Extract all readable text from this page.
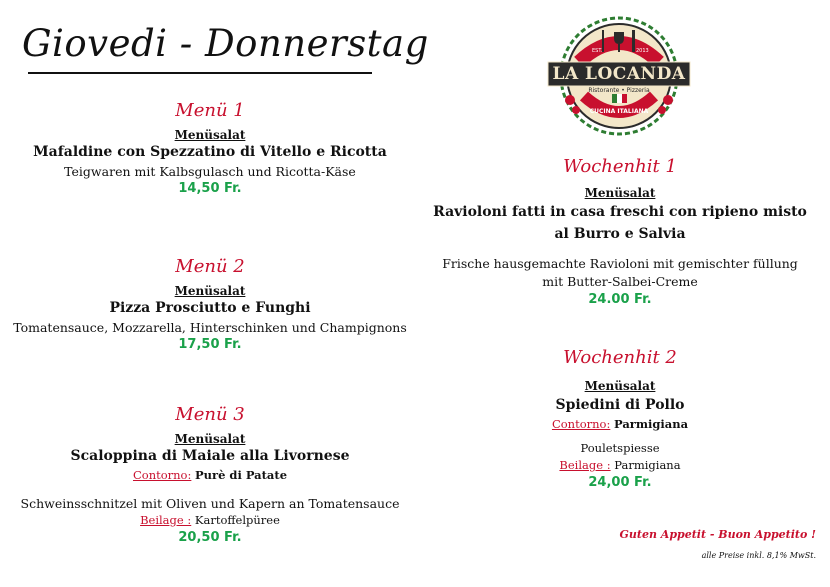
Giovedi - Donnerstag	EST.	2013
LA LOCANDA
Ristorante • Pizzeria
CUCINA ITALIANA
Menü 1
Menüsalat
Mafaldine con Spezzatino di Vitello e Ricotta
Teigwaren mit Kalbsgulasch und Ricotta-Käse
14,50 Fr.
Menü 2
Menüsalat
Pizza Prosciutto e Funghi
Tomatensauce, Mozzarella, Hinterschinken und Champignons
17,50 Fr.
Menü 3
Menüsalat
Scaloppina di Maiale alla Livornese
Contorno: Purè di Patate
Schweinsschnitzel mit Oliven und Kapern an Tomatensauce
Beilage : Kartoffelpüree
20,50 Fr.
Wochenhit 1
Menüsalat
Ravioloni fatti in casa freschi con ripieno misto
al Burro e Salvia
Frische hausgemachte Ravioloni mit gemischter füllung
mit Butter-Salbei-Creme
24.00 Fr.
Wochenhit 2
Menüsalat
Spiedini di Pollo
Contorno: Parmigiana
Pouletspiesse
Beilage : Parmigiana
24,00 Fr.
Guten Appetit - Buon Appetito !
alle Preise inkl. 8,1% MwSt.
